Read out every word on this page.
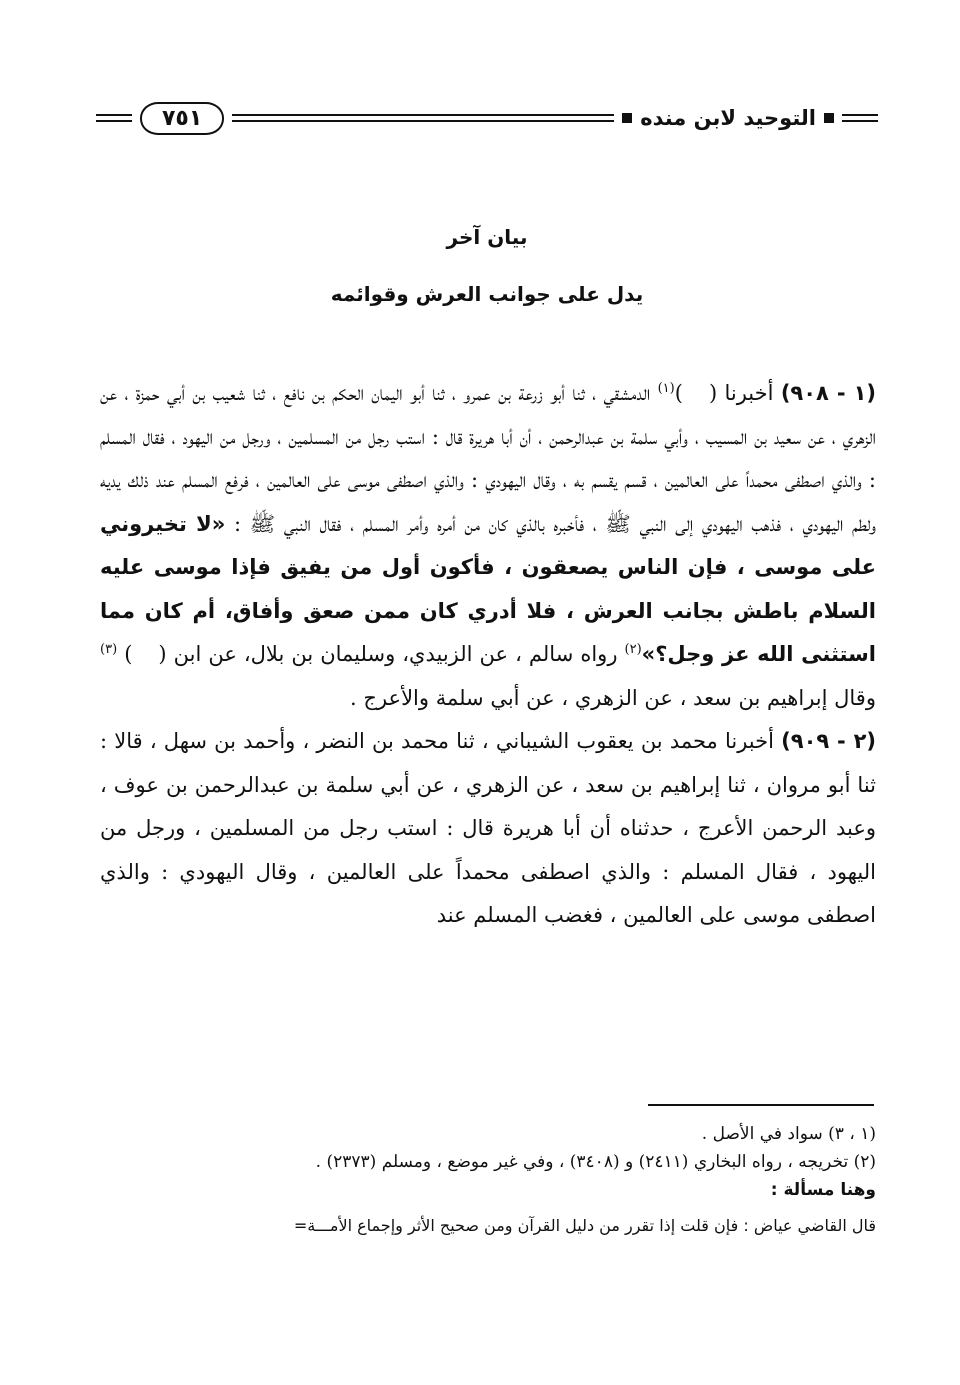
التوحيد لابن منده
٧٥١
بيان آخر
يدل على جوانب العرش وقوائمه

(١ - ٩٠٨) أخبرنا ()$^{(١)}$ الدمشقي ، ثنا أبو زرعة بن عمرو ، ثنا أبو اليمان الحكم بن نافع ، ثنا شعيب بن أبي حمزة ، عن الزهري ، عن سعيد بن المسيب ، وأبي سلمة بن عبدالرحمن ، أن أبا هريرة قال : استب رجل من المسلمين ، ورجل من اليهود ، فقال المسلم : والذي اصطفى محمداً على العالمين ، قسم يقسم به ، وقال اليهودي : والذي اصطفى موسى على العالمين ، فرفع المسلم عند ذلك يديه ولطم اليهودي ، فذهب اليهودي إلى النبي ﷺ ، فأخبره بالذي كان من أمره وأمر المسلم ، فقال النبي ﷺ : «لا تخيروني على موسى ، فإن الناس يصعقون ، فأكون أول من يفيق فإذا موسى عليه السلام باطش بجانب العرش ، فلا أدري كان ممن صعق وأفاق، أم كان مما استثنى الله عز وجل؟»$^{(٢)}$ رواه سالم ، عن الزبيدي، وسليمان بن بلال، عن ابن () $^{(٣)}$ وقال إبراهيم بن سعد ، عن الزهري ، عن أبي سلمة والأعرج .

(٢ - ٩٠٩) أخبرنا محمد بن يعقوب الشيباني ، ثنا محمد بن النضر ، وأحمد بن سهل ، قالا : ثنا أبو مروان ، ثنا إبراهيم بن سعد ، عن الزهري ، عن أبي سلمة بن عبدالرحمن بن عوف ، وعبد الرحمن الأعرج ، حدثناه أن أبا هريرة قال : استب رجل من المسلمين ، ورجل من اليهود ، فقال المسلم : والذي اصطفى محمداً على العالمين ، وقال اليهودي : والذي اصطفى موسى على العالمين ، فغضب المسلم عند

(١ ، ٣) سواد في الأصل .
(٢) تخريجه ، رواه البخاري (٢٤١١) و (٣٤٠٨) ، وفي غير موضع ، ومسلم (٢٣٧٣) .
وهنا مسألة :
قال القاضي عياض : فإن قلت إذا تقرر من دليل القرآن ومن صحيح الأثر وإجماع الأمـــة=
